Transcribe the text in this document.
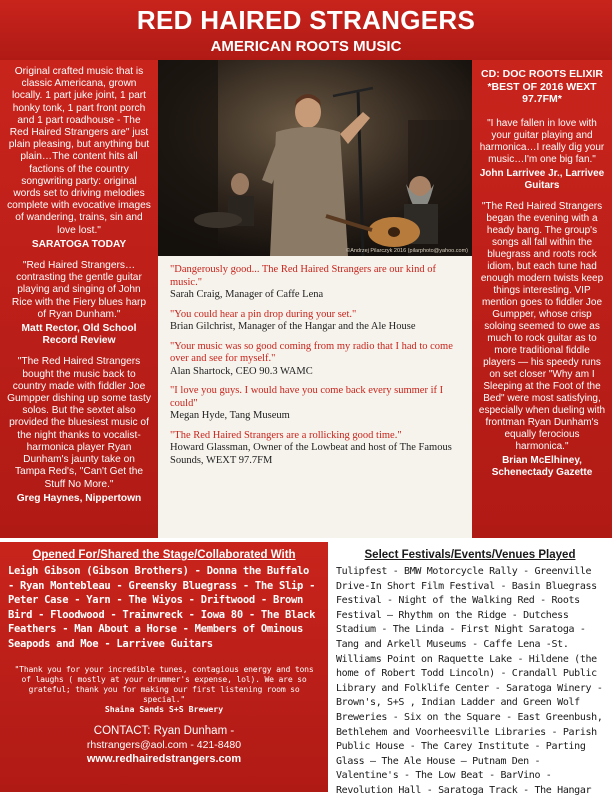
RED HAIRED STRANGERS
AMERICAN ROOTS MUSIC
Original crafted music that is classic Americana, grown locally. 1 part juke joint, 1 part honky tonk, 1 part front porch and 1 part roadhouse - The Red Haired Strangers are" just plain pleasing, but anything but plain…The content hits all factions of the country songwriting party: original words set to driving melodies complete with evocative images of wandering, trains, sin and love lost."
SARATOGA TODAY
"Red Haired Strangers… contrasting the gentle guitar playing and singing of John Rice with the Fiery blues harp of Ryan Dunham."
Matt Rector, Old School Record Review
"The Red Haired Strangers bought the music back to country made with fiddler Joe Gumpper dishing up some tasty solos. But the sextet also provided the bluesiest music of the night thanks to vocalist-harmonica player Ryan Dunham's jaunty take on Tampa Red's, "Can't Get the Stuff No More."
Greg Haynes, Nippertown
©Andrzej Pilarczyk 2016 (pilarphoto@yahoo.com)
CD: DOC ROOTS ELIXIR *BEST OF 2016 WEXT 97.7FM*
"I have fallen in love with your guitar playing and harmonica…I really dig your music…I'm one big fan."
John Larrivee Jr., Larrivee Guitars
"The Red Haired Strangers began the evening with a heady bang. The group's songs all fall within the bluegrass and roots rock idiom, but each tune had enough modern twists keep things interesting. VIP mention goes to fiddler Joe Gumpper, whose crisp soloing seemed to owe as much to rock guitar as to more traditional fiddle players — his speedy runs on set closer "Why am I Sleeping at the Foot of the Bed" were most satisfying, especially when dueling with frontman Ryan Dunham's equally ferocious harmonica."
Brian McElhiney, Schenectady Gazette
"Dangerously good... The Red Haired Strangers are our kind of music."
Sarah Craig, Manager of Caffe Lena
"You could hear a pin drop during your set."
Brian Gilchrist, Manager of the Hangar and the Ale House
"Your music was so good coming from my radio that I had to come over and see for myself."
Alan Shartock, CEO 90.3 WAMC
"I love you guys. I would have you come back every summer if I could"
Megan Hyde, Tang Museum
"The Red Haired Strangers are a rollicking good time."
Howard Glassman, Owner of the Lowbeat and host of The Famous Sounds, WEXT 97.7FM
Opened For/Shared the Stage/Collaborated With
Leigh Gibson (Gibson Brothers) - Donna the Buffalo - Ryan Montebleau - Greensky Bluegrass - The Slip - Peter Case - Yarn - The Wiyos - Driftwood - Brown Bird - Floodwood - Trainwreck - Iowa 80 - The Black Feathers - Man About a Horse - Members of Ominous Seapods and Moe - Larrivee Guitars
"Thank you for your incredible tunes, contagious energy and tons of laughs ( mostly at your drummer's expense, lol). We are so grateful; thank you for making our first listening room so special."
Shaina Sands S+S Brewery
CONTACT: Ryan Dunham -
rhstrangers@aol.com - 421-8480
www.redhairedstrangers.com
Select Festivals/Events/Venues Played
Tulipfest - BMW Motorcycle Rally - Greenville Drive-In Short Film Festival - Basin Bluegrass Festival - Night of the Walking Red - Roots Festival – Rhythm on the Ridge - Dutchess Stadium - The Linda - First Night Saratoga - Tang and Arkell Museums - Caffe Lena -St. Williams Point on Raquette Lake - Hildene (the home of Robert Todd Lincoln) - Crandall Public Library and Folklife Center - Saratoga Winery - Brown's, S+S , Indian Ladder and Green Wolf Breweries - Six on the Square - East Greenbush, Bethlehem and Voorheesville Libraries - Parish Public House - The Carey Institute - Parting Glass – The Ale House – Putnam Den - Valentine's - The Low Beat - BarVino - Revolution Hall - Saratoga Track - The Hangar
